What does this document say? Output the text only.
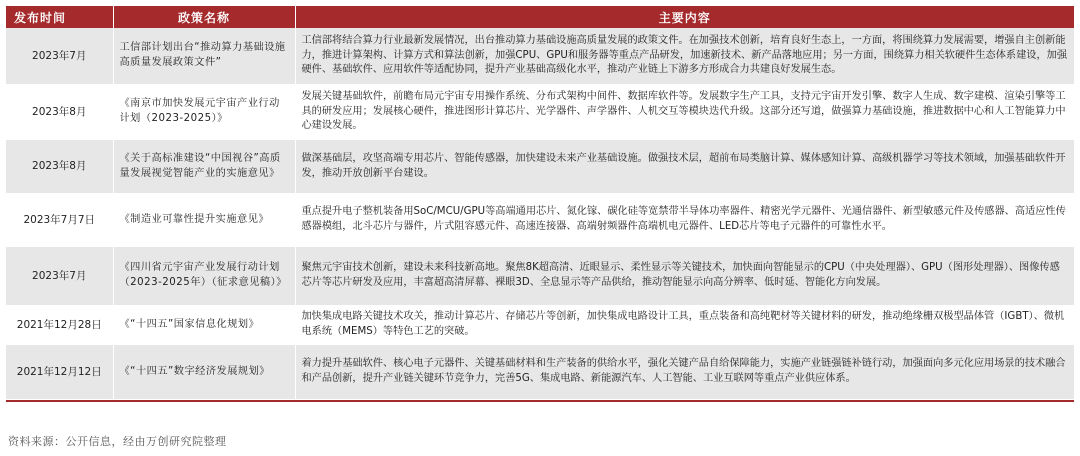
发布时间	政策名称	主要内容
2023年7月	工信部计划出台“推动算力基础设施高质量发展政策文件”	工信部将结合算力行业最新发展情况，出台推动算力基础设施高质量发展的政策文件。在加强技术创新，培育良好生态上，一方面，将围绕算力发展需要，增强自主创新能力，推进计算架构、计算方式和算法创新，加强CPU、GPU和服务器等重点产品研发，加速新技术、新产品落地应用；另一方面，围绕算力相关软硬件生态体系建设，加强硬件、基础软件、应用软件等适配协同，提升产业基础高级化水平，推动产业链上下游多方形成合力共建良好发展生态。
2023年8月	《南京市加快发展元宇宙产业行动计划（2023-2025）》	发展关键基础软件，前瞻布局元宇宙专用操作系统、分布式架构中间件、数据库软件等。发展数字生产工具，支持元宇宙开发引擎、数字人生成、数字建模、渲染引擎等工具的研发应用；发展核心硬件，推进图形计算芯片、光学器件、声学器件、人机交互等模块迭代升级。这部分还写道，做强算力基础设施，推进数据中心和人工智能算力中心建设发展。
2023年8月	《关于高标准建设“中国视谷”高质量发展视觉智能产业的实施意见》	做深基础层，攻坚高端专用芯片、智能传感器，加快建设未来产业基础设施。做强技术层，超前布局类脑计算、媒体感知计算、高级机器学习等技术领域，加强基础软件开发，推动开放创新平台建设。
2023年7月7日	《制造业可靠性提升实施意见》	重点提升电子整机装备用SoC/MCU/GPU等高端通用芯片、氮化镓、碳化硅等宽禁带半导体功率器件、精密光学元器件、光通信器件、新型敏感元件及传感器、高适应性传感器模组，北斗芯片与器件，片式阻容感元件、高速连接器、高端射频器件高端机电元器件、LED芯片等电子元器件的可靠性水平。
2023年7月	《四川省元宇宙产业发展行动计划（2023-2025年）（征求意见稿）》	聚焦元宇宙技术创新，建设未来科技新高地。聚焦8K超高清、近眼显示、柔性显示等关键技术，加快面向智能显示的CPU（中央处理器）、GPU（图形处理器）、图像传感芯片等芯片研发及应用，丰富超高清屏幕、裸眼3D、全息显示等产品供给，推动智能显示向高分辨率、低时延、智能化方向发展。
2021年12月28日	《“十四五”国家信息化规划》	加快集成电路关键技术攻关，推动计算芯片、存储芯片等创新，加快集成电路设计工具，重点装备和高纯靶材等关键材料的研发，推动绝缘栅双极型晶体管（IGBT）、微机电系统（MEMS）等特色工艺的突破。
2021年12月12日	《“十四五”数字经济发展规划》	着力提升基础软件、核心电子元器件、关键基础材料和生产装备的供给水平，强化关键产品自给保障能力，实施产业链强链补链行动，加强面向多元化应用场景的技术融合和产品创新，提升产业链关键环节竞争力，完善5G、集成电路、新能源汽车、人工智能、工业互联网等重点产业供应体系。
资料来源：公开信息，经由万创研究院整理
